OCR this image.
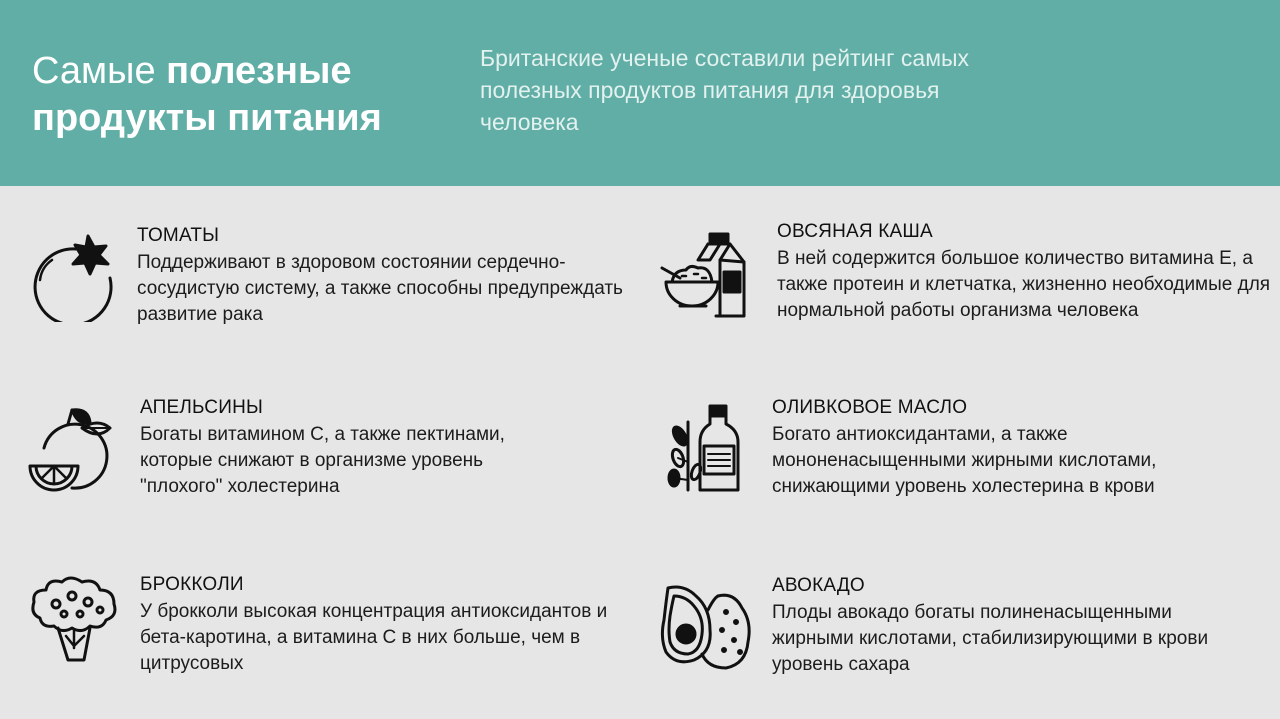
Самые полезные
продукты питания

Британские ученые составили рейтинг самых полезных продуктов питания для здоровья человека

ТОМАТЫ

Поддерживают в здоровом состоянии сердечно-сосудистую систему, а также способны предупреждать развитие рака

ОВСЯНАЯ КАША

В ней содержится большое количество витамина Е, а также протеин и клетчатка, жизненно необходимые для нормальной работы организма человека

АПЕЛЬСИНЫ

Богаты витамином С, а также пектинами, которые снижают в организме уровень "плохого" холестерина

ОЛИВКОВОЕ МАСЛО

Богато антиоксидантами, а также мононенасыщенными жирными кислотами, снижающими уровень холестерина в крови

БРОККОЛИ

У брокколи высокая концентрация антиоксидантов и бета-каротина, а витамина С в них больше, чем в цитрусовых

АВОКАДО

Плоды авокадо богаты полиненасыщенными жирными кислотами, стабилизирующими в крови уровень сахара
